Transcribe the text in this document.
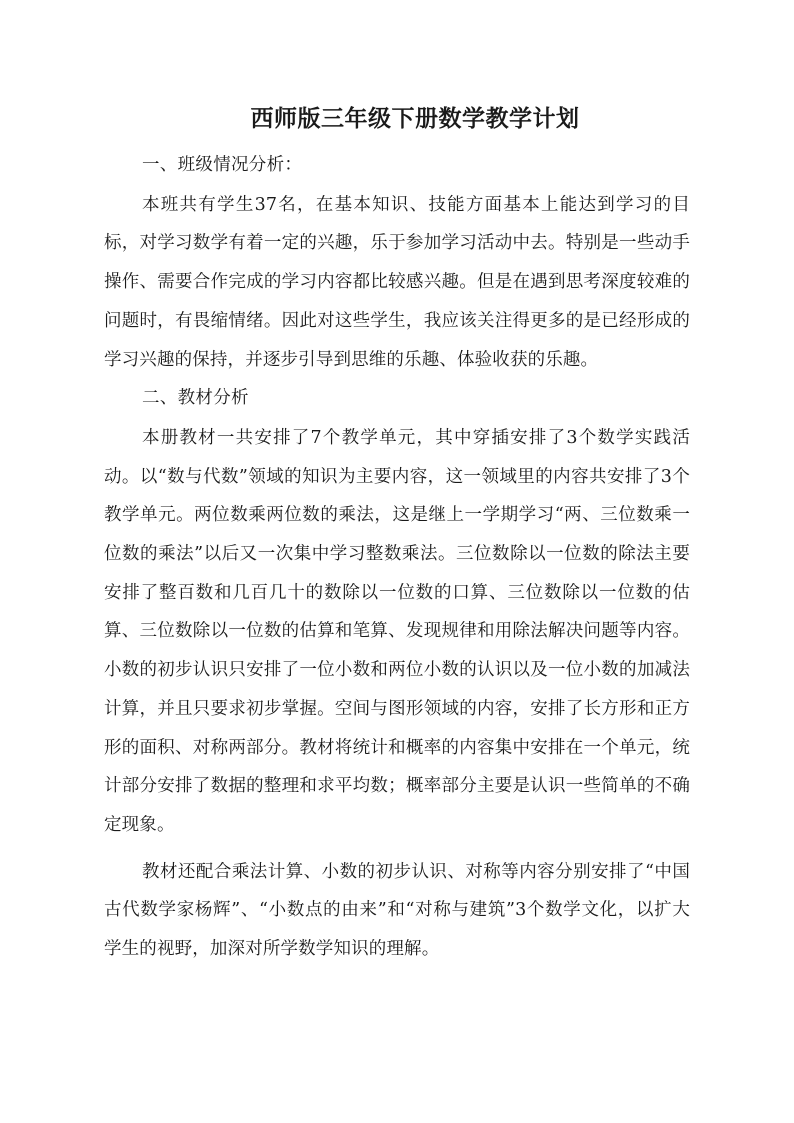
西师版三年级下册数学教学计划

一、班级情况分析：

本班共有学生37名，在基本知识、技能方面基本上能达到学习的目标，对学习数学有着一定的兴趣，乐于参加学习活动中去。特别是一些动手操作、需要合作完成的学习内容都比较感兴趣。但是在遇到思考深度较难的问题时，有畏缩情绪。因此对这些学生，我应该关注得更多的是已经形成的学习兴趣的保持，并逐步引导到思维的乐趣、体验收获的乐趣。

二、教材分析

本册教材一共安排了7个教学单元，其中穿插安排了3个数学实践活动。以“数与代数”领域的知识为主要内容，这一领域里的内容共安排了3个教学单元。两位数乘两位数的乘法，这是继上一学期学习“两、三位数乘一位数的乘法”以后又一次集中学习整数乘法。三位数除以一位数的除法主要安排了整百数和几百几十的数除以一位数的口算、三位数除以一位数的估算、三位数除以一位数的估算和笔算、发现规律和用除法解决问题等内容。小数的初步认识只安排了一位小数和两位小数的认识以及一位小数的加减法计算，并且只要求初步掌握。空间与图形领域的内容，安排了长方形和正方形的面积、对称两部分。教材将统计和概率的内容集中安排在一个单元，统计部分安排了数据的整理和求平均数；概率部分主要是认识一些简单的不确定现象。

教材还配合乘法计算、小数的初步认识、对称等内容分别安排了“中国古代数学家杨辉”、“小数点的由来”和“对称与建筑”3个数学文化，以扩大学生的视野，加深对所学数学知识的理解。
